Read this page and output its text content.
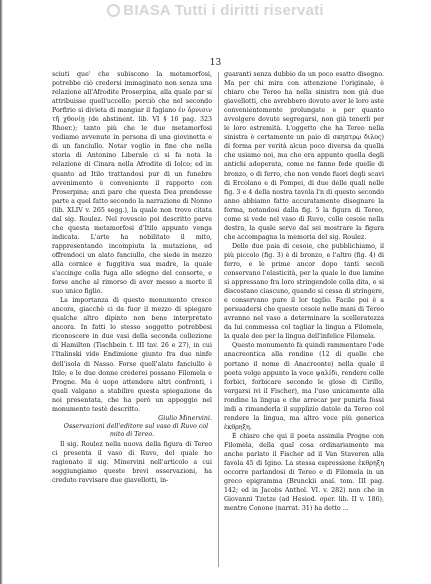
BIASA Tutti i diritti riservati
13

sciuti que' che subiscono la metamorfosi, potrebbe ciò credersi immaginato non senza una relazione all'Afrodite Proserpina, alla quale par si attribuisse quell'uccello: perciò che nel secondo Porfirio si divieta di mangiar il fagiano ἐν ὄρνισιν τῆ χθονίῃ (de abstinent. lib. VI § 16 pag. 323 Rhoer.); tanto più che le due metamorfosi vediamo avvenute in persona di una giovinetta e di un fanciullo. Notar voglio in fine che nella storia di Antonino Liberale ci si fa nota la relazione di Cinara nella Afrodite di Iolco; ed in quanto ad Itilo trattandosi pur di un funebre avvenimento è conveniente il rapporto con Proserpina; anzi pare che questa Dea prendesse parte a quel fatto secondo la narrazione di Nonno (lib. XLIV v. 265 segg.), la quale non trovo citata dal sig. Roulez. Nel rovescio poi descritto parve che questa metamorfosi d'Itilo appunto venga indicata. L'arte ha nobilitato il mito, rappresentando incompiuta la mutazione, ed offrendoci un alato fanciullo, che siede in mezzo alla cornice e fuggitiva sua madre, la quale s'accinge colla fuga allo sdegno del consorte, e forse anche al rimorso di aver messo a morte il suo unico figlio.

La importanza di questo monumento cresce ancora, giacchè ci da fuor il mezzo di spiegare qualche altro dipinto non bene interpretato ancora. In fatti lo stesso soggetto potrebbesi riconoscere in due vasi della seconda collezione di Hamilton (Tischbein t. III tav. 26 e 27), in cui l'Italinski vide Endimione giunto fra due ninfe dell'isola di Nasso. Forse quell'alato fanciullo è Itilo; e le due donne crederei possano Filomela e Progne. Ma è uopo attendere altri confronti, i quali valgano a stabilire questa spiegazione da noi presentata, che ha però un appoggio nel monumento testè descritto.

Giulio Minervini.

Osservazioni dell'editore sul vaso di Ruvo col mito di Tereo.

Il sig. Roulez nella nuova della figura di Tereo ci presenta il vaso di Ruvo, del quale ho ragionato il sig. Minervini nell'articolo a cui soggiungiamo queste brevi osservazioni, ha creduto ravvisare due giavellotti, in-

guaranti senza dubbio da un poco esatto disegno. Ma per chi mira con attenzione l'originale, è chiaro che Tereo ha nella sinistra non già due giavellotti, che avrebbero dovuto aver le loro aste convenientemente prolungate e per quanto avvolgere dovute segregarsi, non già tenerli per le loro estremità. L'oggetto che ha Tereo nella sinistra è certamente un paio di σκηπτρῳ διλος) di forma per verità alcun poco diversa da quella che usiamo noi, ma che era appunto quella degli antichi adoperata, come ne fanno fede quelle di bronzo, o di ferro, che non vende fuori degli scavi di Ercolano e di Pompei, di due delle quali nelle fig. 3 e 4 della nostra tavola l'n di questo secondo anno abbiamo fatto accuratamente disegnare la forma, notandosi dalla fig. 5 la figura di Tereo, come si vede nel vaso di Ruvo, colle cesoie nella destra, la quale serve dal sei mostrare la figura che accompagna la memoria del sig. Roulez.

Delle due paia di cesoie, che pubblichiamo, il più piccolo (fig. 3) è di bronzo, e l'altro (fig. 4) di ferro, e le prime ancor dopo tanti secoli conservano l'elasticità, per la quale le due lamine si appressano fra loro stringendole colla dita, e si discostano ciascuno, quando si cessa di stringere, e conservano pure il lor taglio. Facile poi è a persuadersi che queste cesoie nelle mani di Tereo avranno nel vaso a determinare la scelleratezza da lui commessa col tagliar la lingua a Filomela, la quale dee per la lingua dell'infelice Filomela.

Questo monumento fa quindi rammentare l'ode anacreontica alla rondine (12 di quelle che portano il nome di Anacreonte) nella quale il poeta volge appunto la voce ψαλίδι, rendere colle forbici, forbicare secondo le glose di Cirillo, vergarsi ivi il Fischer), ma l'uso unicamente alla rondine la lingua e che arrecar per punirla fossi indi a rimanderla il supplizio datole da Tereo col rendere la lingua, ma altro voce più generica ἐκθρηξη.

È chiaro che qui il poeta assimila Progne con Filomela, della qual cosa ordinariamente ma anche parlato il Fischer ad il Van Staveren alla favola 45 di Igino. La stessa espressione ἐκθρηξη occorre parlandosi di Tereo e di Filomela in un greco epigramma (Brunckii anal. tom. III pag. 142; ed in Jacobs Anthol. VI. v. 282) non che in Giovanni Tzetze (ad Hesiod. oper. lib. II v. 186), mentre Conone (narrat. 31) ha detto ...
